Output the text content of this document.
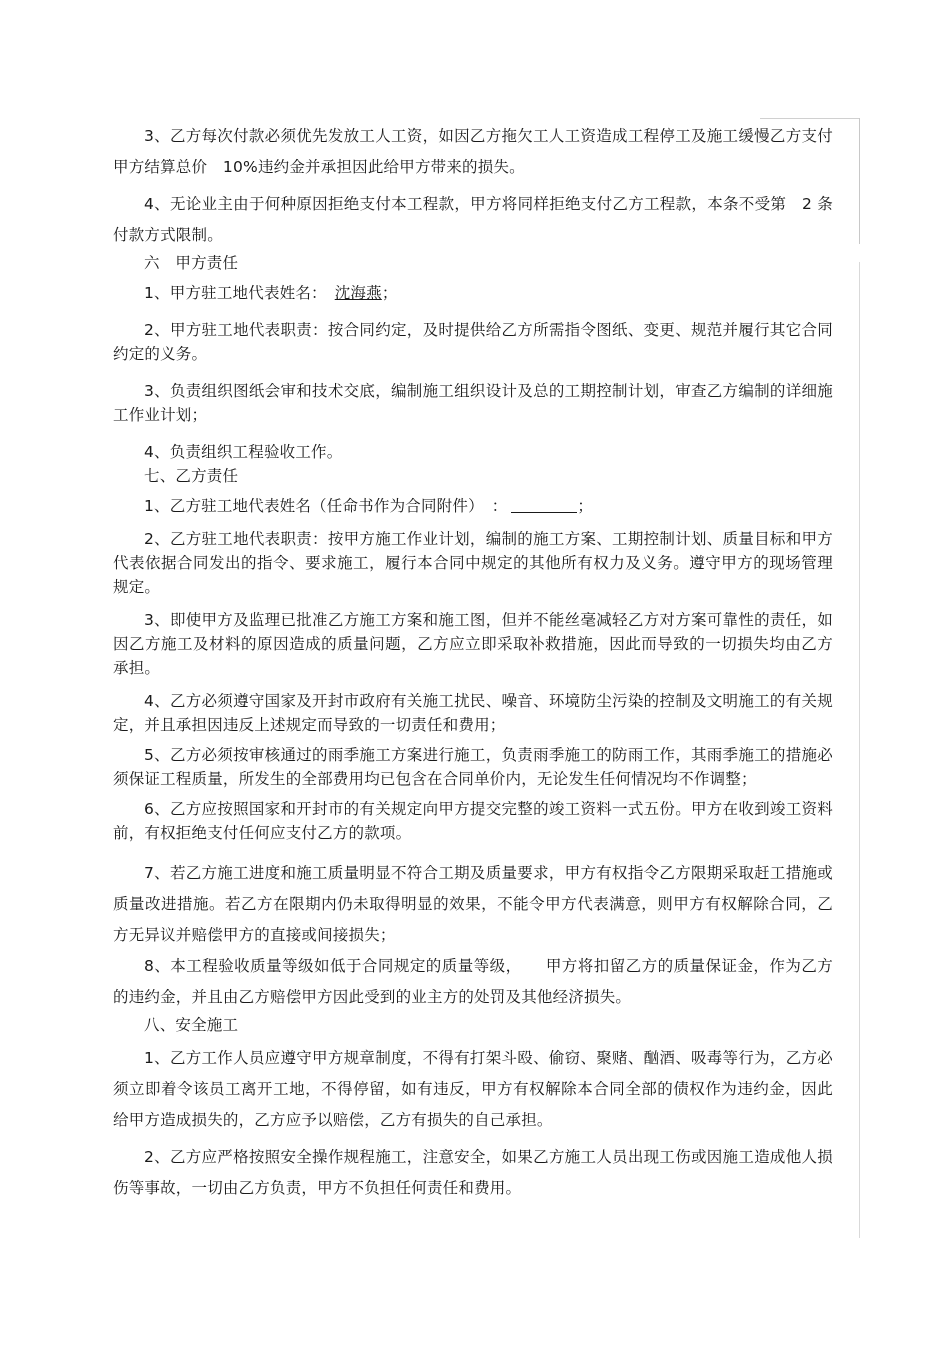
3、乙方每次付款必须优先发放工人工资，如因乙方拖欠工人工资造成工程停工及施工缓慢乙方支付甲方结算总价　10%违约金并承担因此给甲方带来的损失。

4、无论业主由于何种原因拒绝支付本工程款，甲方将同样拒绝支付乙方工程款，本条不受第　2 条付款方式限制。

六　甲方责任

1、甲方驻工地代表姓名：　沈海燕；

2、甲方驻工地代表职责：按合同约定，及时提供给乙方所需指令图纸、变更、规范并履行其它合同约定的义务。

3、负责组织图纸会审和技术交底，编制施工组织设计及总的工期控制计划，审查乙方编制的详细施工作业计划；

4、负责组织工程验收工作。

七、乙方责任

1、乙方驻工地代表姓名（任命书作为合同附件）　：	；

2、乙方驻工地代表职责：按甲方施工作业计划，编制的施工方案、工期控制计划、质量目标和甲方代表依据合同发出的指令、要求施工，履行本合同中规定的其他所有权力及义务。遵守甲方的现场管理规定。

3、即使甲方及监理已批准乙方施工方案和施工图，但并不能丝毫减轻乙方对方案可靠性的责任，如因乙方施工及材料的原因造成的质量问题，乙方应立即采取补救措施，因此而导致的一切损失均由乙方承担。

4、乙方必须遵守国家及开封市政府有关施工扰民、噪音、环境防尘污染的控制及文明施工的有关规定，并且承担因违反上述规定而导致的一切责任和费用；

5、乙方必须按审核通过的雨季施工方案进行施工，负责雨季施工的防雨工作，其雨季施工的措施必须保证工程质量，所发生的全部费用均已包含在合同单价内，无论发生任何情况均不作调整；

6、乙方应按照国家和开封市的有关规定向甲方提交完整的竣工资料一式五份。甲方在收到竣工资料前，有权拒绝支付任何应支付乙方的款项。

7、若乙方施工进度和施工质量明显不符合工期及质量要求，甲方有权指令乙方限期采取赶工措施或质量改进措施。若乙方在限期内仍未取得明显的效果，不能令甲方代表满意，则甲方有权解除合同，乙方无异议并赔偿甲方的直接或间接损失；

8、本工程验收质量等级如低于合同规定的质量等级，　　甲方将扣留乙方的质量保证金，作为乙方的违约金，并且由乙方赔偿甲方因此受到的业主方的处罚及其他经济损失。

八、安全施工

1、乙方工作人员应遵守甲方规章制度，不得有打架斗殴、偷窃、聚赌、酗酒、吸毒等行为，乙方必须立即着令该员工离开工地，不得停留，如有违反，甲方有权解除本合同全部的债权作为违约金，因此给甲方造成损失的，乙方应予以赔偿，乙方有损失的自己承担。

2、乙方应严格按照安全操作规程施工，注意安全，如果乙方施工人员出现工伤或因施工造成他人损伤等事故，一切由乙方负责，甲方不负担任何责任和费用。
